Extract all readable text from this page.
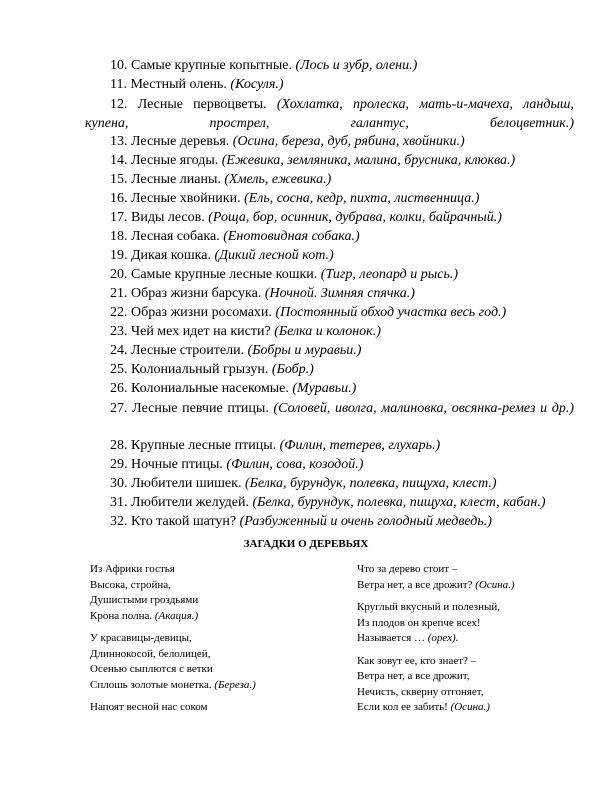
10. Самые крупные копытные. (Лось и зубр, олени.)
11. Местный олень. (Косуля.)
12. Лесные первоцветы. (Хохлатка, пролеска, мать-и-мачеха, ландыш, купена, прострел, галантус, белоцветник.)
13. Лесные деревья. (Осина, береза, дуб, рябина, хвойники.)
14. Лесные ягоды. (Ежевика, земляника, малина, брусника, клюква.)
15. Лесные лианы. (Хмель, ежевика.)
16. Лесные хвойники. (Ель, сосна, кедр, пихта, лиственница.)
17. Виды лесов. (Роща, бор, осинник, дубрава, колки, байрачный.)
18. Лесная собака. (Енотовидная собака.)
19. Дикая кошка. (Дикий лесной кот.)
20. Самые крупные лесные кошки. (Тигр, леопард и рысь.)
21. Образ жизни барсука. (Ночной. Зимняя спячка.)
22. Образ жизни росомахи. (Постоянный обход участка весь год.)
23. Чей мех идет на кисти? (Белка и колонок.)
24. Лесные строители. (Бобры и муравьи.)
25. Колониальный грызун. (Бобр.)
26. Колониальные насекомые. (Муравьи.)
27. Лесные певчие птицы. (Соловей, иволга, малиновка, овсянка-ремез и др.)
28. Крупные лесные птицы. (Филин, тетерев, глухарь.)
29. Ночные птицы. (Филин, сова, козодой.)
30. Любители шишек. (Белка, бурундук, полевка, пищуха, клест.)
31. Любители желудей. (Белка, бурундук, полевка, пищуха, клест, кабан.)
32. Кто такой шатун? (Разбуженный и очень голодный медведь.)
ЗАГАДКИ О ДЕРЕВЬЯХ
Из Африки гостья
Высока, стройна,
Душистыми гроздьями
Крона полна. (Акация.)
У красавицы-девицы,
Длиннокосой, белолицей,
Осенью сыплются с ветки
Сплошь золотые монетка. (Береза.)
Напоят весной нас соком
Что за дерево стоит –
Ветра нет, а все дрожит? (Осина.)
Круглый вкусный и полезный,
Из плодов он крепче всех!
Называется … (орех).
Как зовут ее, кто знает? –
Ветра нет, а все дрожит,
Нечисть, скверну отгоняет,
Если кол ее забить! (Осина.)
